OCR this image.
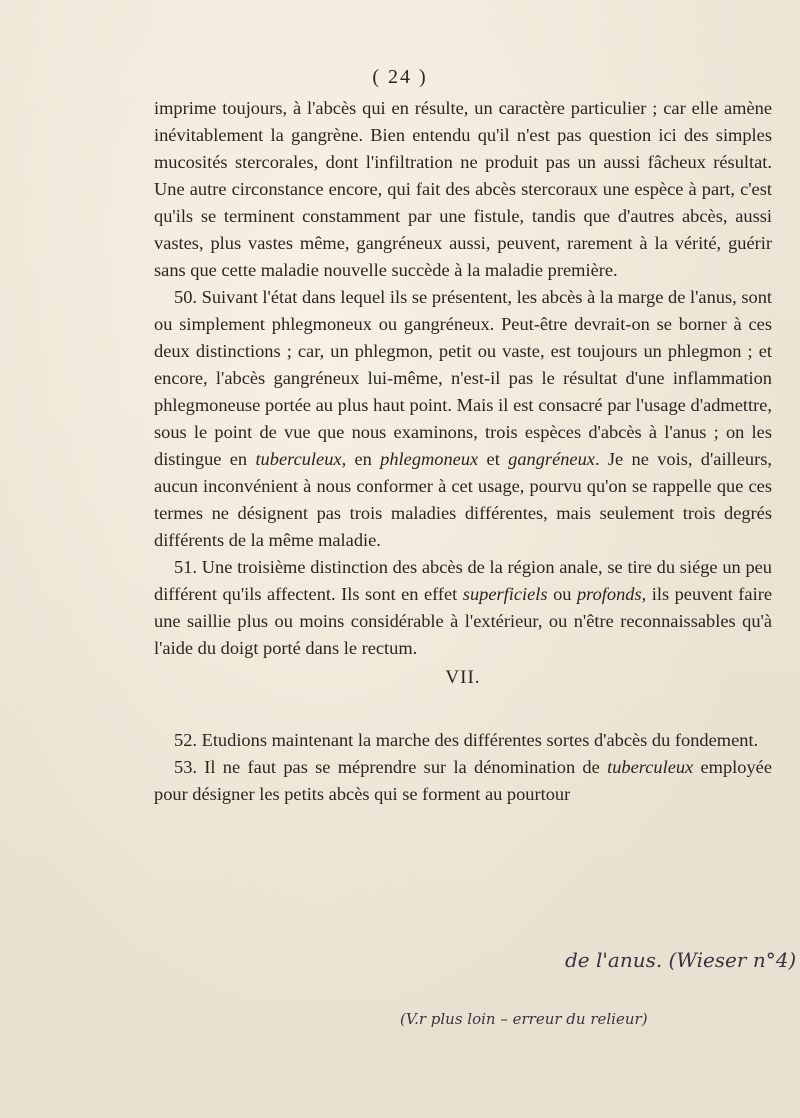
( 24 )

imprime toujours, à l'abcès qui en résulte, un caractère particulier ; car elle amène inévitablement la gangrène. Bien entendu qu'il n'est pas question ici des simples mucosités stercorales, dont l'infiltration ne produit pas un aussi fâcheux résultat. Une autre circonstance encore, qui fait des abcès stercoraux une espèce à part, c'est qu'ils se terminent constamment par une fistule, tandis que d'autres abcès, aussi vastes, plus vastes même, gangréneux aussi, peuvent, rarement à la vérité, guérir sans que cette maladie nouvelle succède à la maladie première.

50. Suivant l'état dans lequel ils se présentent, les abcès à la marge de l'anus, sont ou simplement phlegmoneux ou gangréneux. Peut-être devrait-on se borner à ces deux distinctions ; car, un phlegmon, petit ou vaste, est toujours un phlegmon ; et encore, l'abcès gangréneux lui-même, n'est-il pas le résultat d'une inflammation phlegmoneuse portée au plus haut point. Mais il est consacré par l'usage d'admettre, sous le point de vue que nous examinons, trois espèces d'abcès à l'anus ; on les distingue en tuberculeux, en phlegmoneux et gangréneux. Je ne vois, d'ailleurs, aucun inconvénient à nous conformer à cet usage, pourvu qu'on se rappelle que ces termes ne désignent pas trois maladies différentes, mais seulement trois degrés différents de la même maladie.

51. Une troisième distinction des abcès de la région anale, se tire du siége un peu différent qu'ils affectent. Ils sont en effet superficiels ou profonds, ils peuvent faire une saillie plus ou moins considérable à l'extérieur, ou n'être reconnaissables qu'à l'aide du doigt porté dans le rectum.

VII.

52. Etudions maintenant la marche des différentes sortes d'abcès du fondement.

53. Il ne faut pas se méprendre sur la dénomination de tuberculeux employée pour désigner les petits abcès qui se forment au pourtour

de l'anus. (Wieser n°4)
(V.r plus loin – erreur du relieur)
